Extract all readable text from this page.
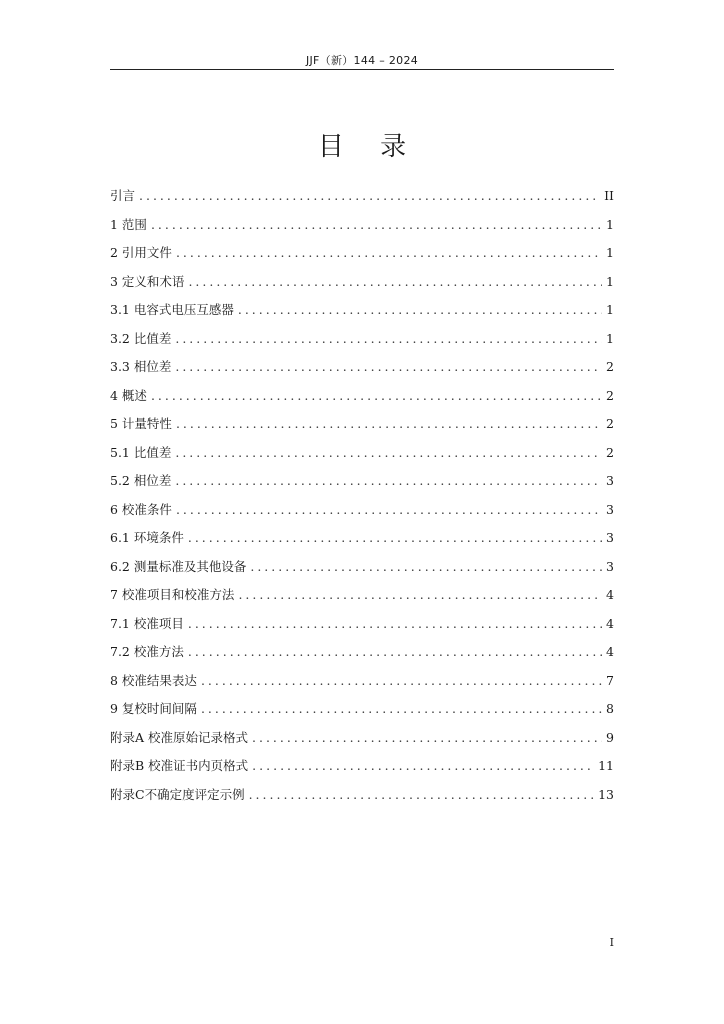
JJF（新）144 – 2024
目 录
引言 .....	II
1 范围 .....	1
2 引用文件 .....	1
3 定义和术语 .....	1
3.1 电容式电压互感器 .....	1
3.2 比值差 .....	1
3.3 相位差 .....	2
4 概述 .....	2
5 计量特性 .....	2
5.1 比值差 .....	2
5.2 相位差 .....	3
6 校准条件 .....	3
6.1 环境条件 .....	3
6.2 测量标准及其他设备 .....	3
7 校准项目和校准方法 .....	4
7.1 校准项目 .....	4
7.2 校准方法 .....	4
8 校准结果表达 .....	7
9 复校时间间隔 .....	8
附录A 校准原始记录格式 .....	9
附录B 校准证书内页格式 .....	11
附录C不确定度评定示例 .....	13
I
